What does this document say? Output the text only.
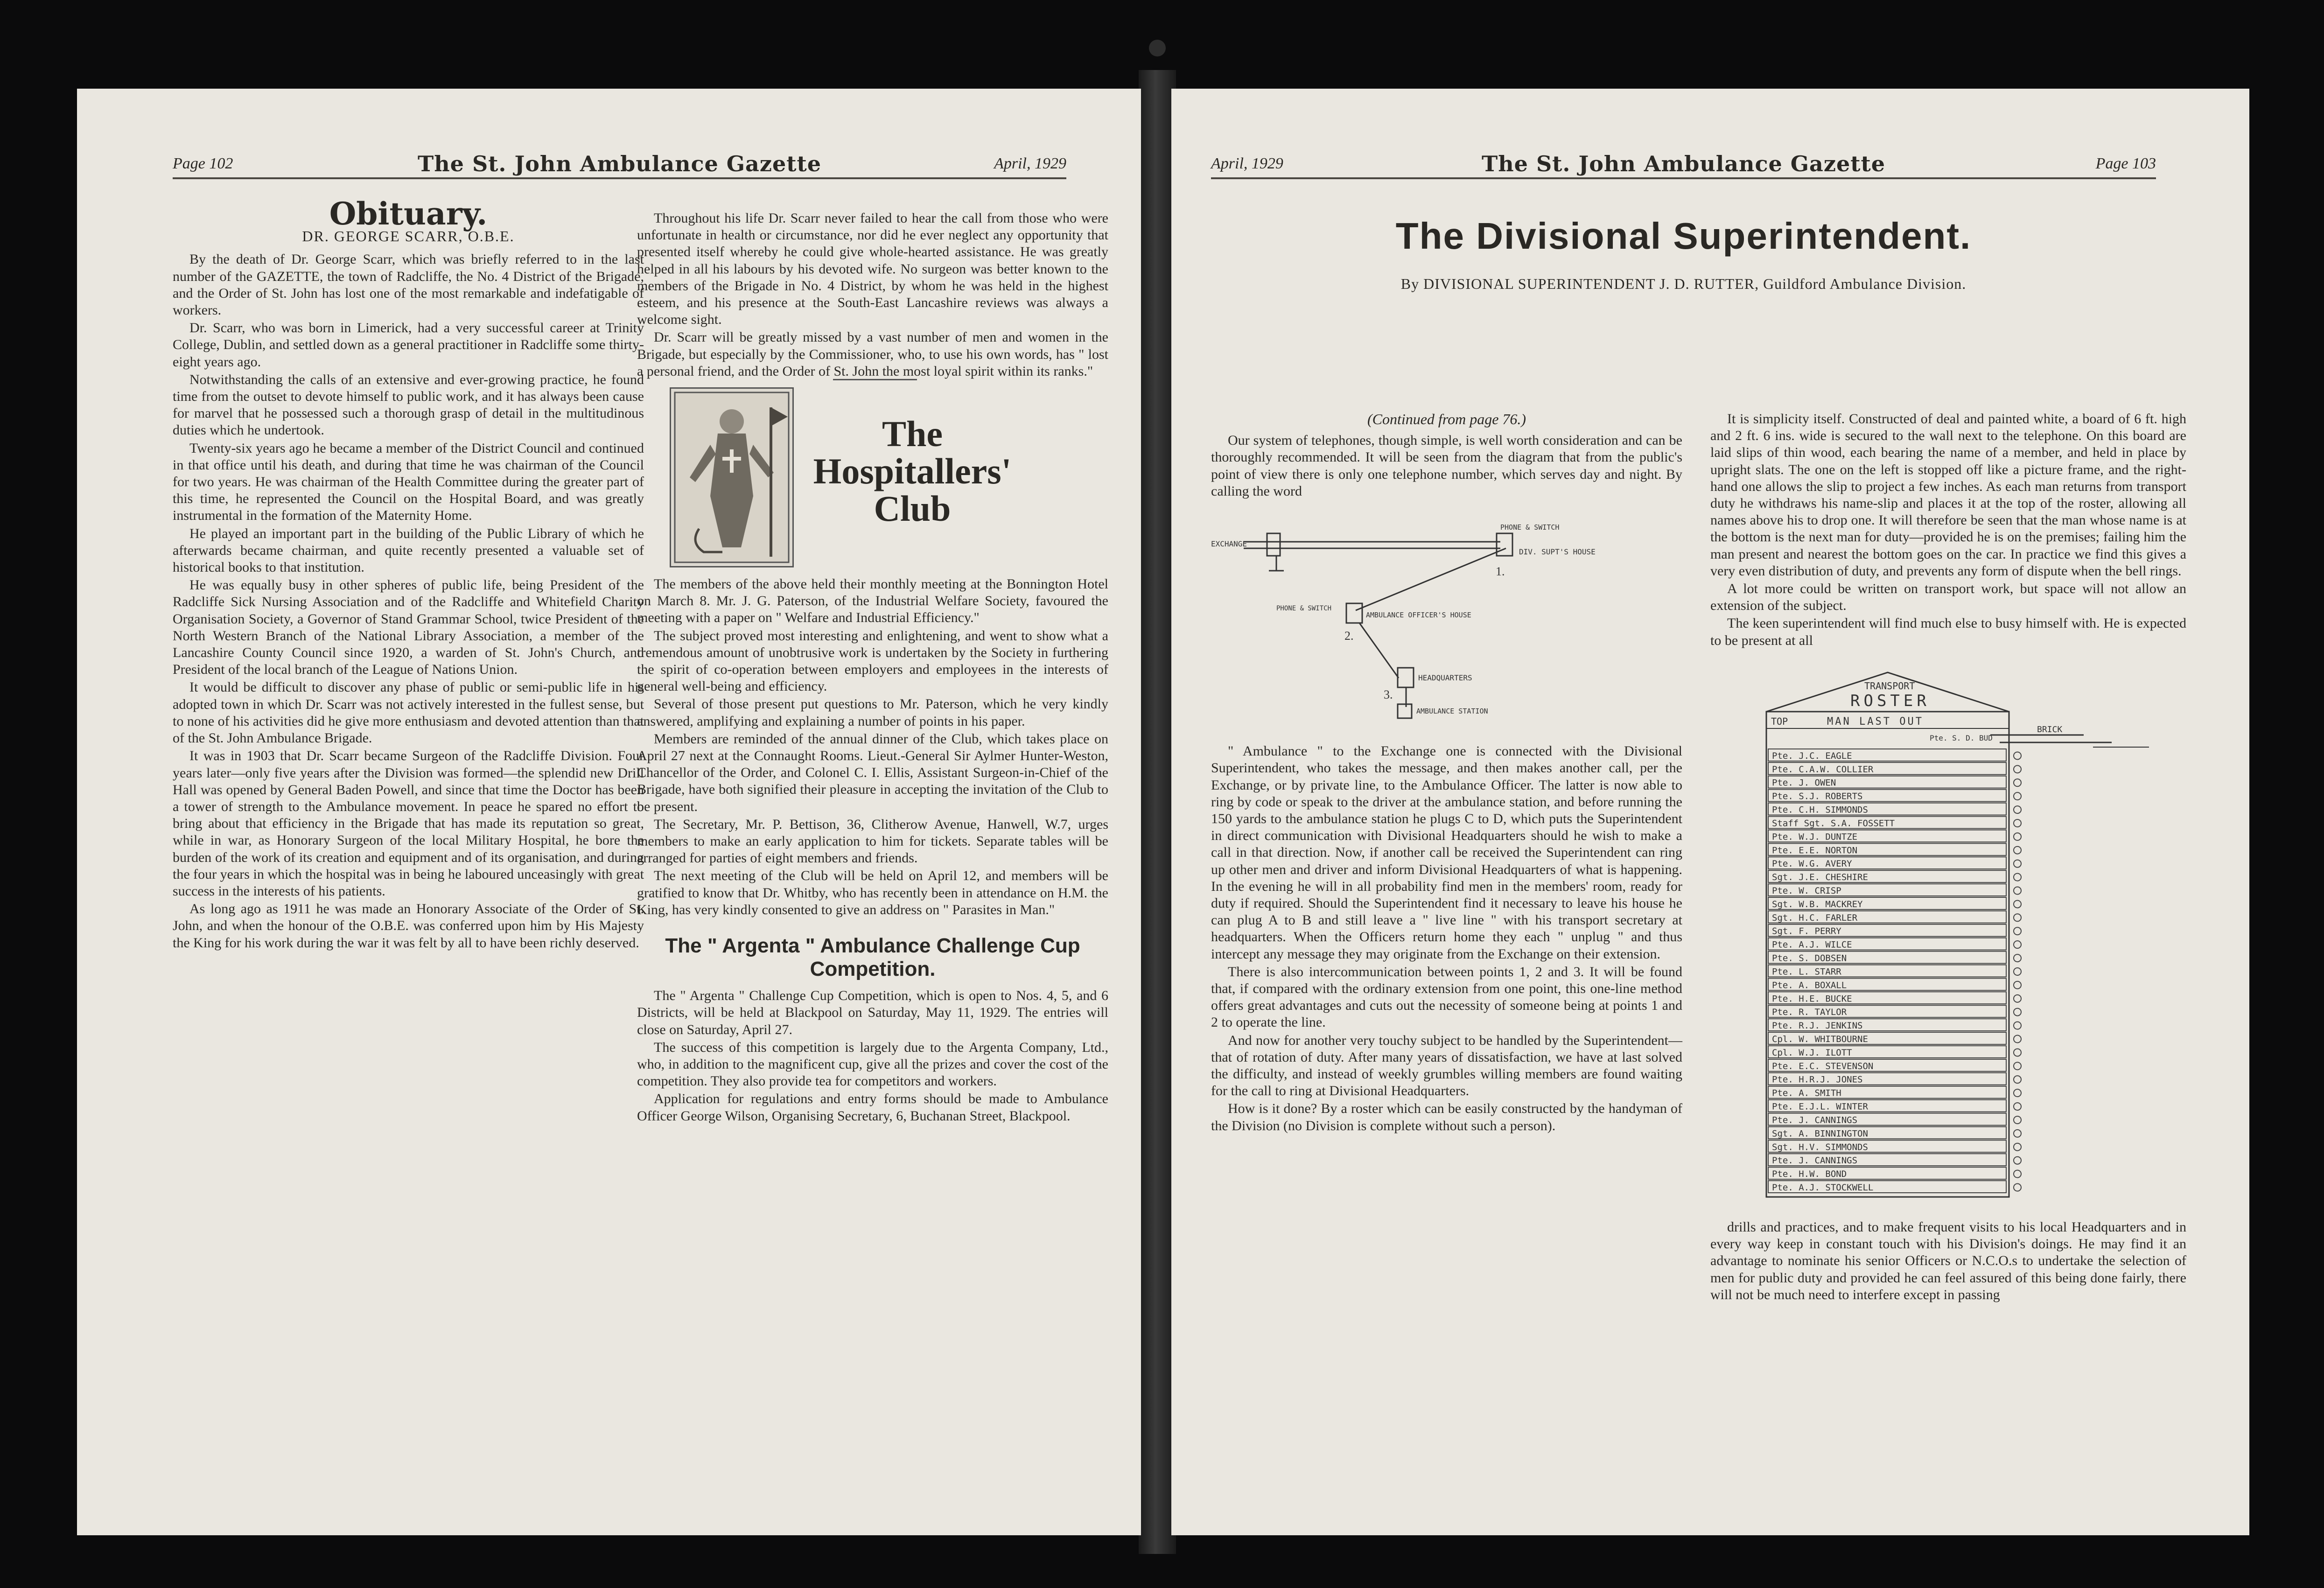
Page 102	The St. John Ambulance Gazette	April, 1929
Obituary.
DR. GEORGE SCARR, O.B.E.

By the death of Dr. George Scarr, which was briefly referred to in the last number of the GAZETTE, the town of Radcliffe, the No. 4 District of the Brigade, and the Order of St. John has lost one of the most remarkable and indefatigable of workers.

Dr. Scarr, who was born in Limerick, had a very successful career at Trinity College, Dublin, and settled down as a general practitioner in Radcliffe some thirty-eight years ago.

Notwithstanding the calls of an extensive and ever-growing practice, he found time from the outset to devote himself to public work, and it has always been cause for marvel that he possessed such a thorough grasp of detail in the multitudinous duties which he undertook.

Twenty-six years ago he became a member of the District Council and continued in that office until his death, and during that time he was chairman of the Council for two years. He was chairman of the Health Committee during the greater part of this time, he represented the Council on the Hospital Board, and was greatly instrumental in the formation of the Maternity Home.

He played an important part in the building of the Public Library of which he afterwards became chairman, and quite recently presented a valuable set of historical books to that institution.

He was equally busy in other spheres of public life, being President of the Radcliffe Sick Nursing Association and of the Radcliffe and Whitefield Charity Organisation Society, a Governor of Stand Grammar School, twice President of the North Western Branch of the National Library Association, a member of the Lancashire County Council since 1920, a warden of St. John's Church, and President of the local branch of the League of Nations Union.

It would be difficult to discover any phase of public or semi-public life in his adopted town in which Dr. Scarr was not actively interested in the fullest sense, but to none of his activities did he give more enthusiasm and devoted attention than that of the St. John Ambulance Brigade.

It was in 1903 that Dr. Scarr became Surgeon of the Radcliffe Division. Four years later—only five years after the Division was formed—the splendid new Drill Hall was opened by General Baden Powell, and since that time the Doctor has been a tower of strength to the Ambulance movement. In peace he spared no effort to bring about that efficiency in the Brigade that has made its reputation so great, while in war, as Honorary Surgeon of the local Military Hospital, he bore the burden of the work of its creation and equipment and of its organisation, and during the four years in which the hospital was in being he laboured unceasingly with great success in the interests of his patients.

As long ago as 1911 he was made an Honorary Associate of the Order of St. John, and when the honour of the O.B.E. was conferred upon him by His Majesty the King for his work during the war it was felt by all to have been richly deserved.

Throughout his life Dr. Scarr never failed to hear the call from those who were unfortunate in health or circumstance, nor did he ever neglect any opportunity that presented itself whereby he could give whole-hearted assistance. He was greatly helped in all his labours by his devoted wife. No surgeon was better known to the members of the Brigade in No. 4 District, by whom he was held in the highest esteem, and his presence at the South-East Lancashire reviews was always a welcome sight.

Dr. Scarr will be greatly missed by a vast number of men and women in the Brigade, but especially by the Commissioner, who, to use his own words, has " lost a personal friend, and the Order of St. John the most loyal spirit within its ranks."

The Hospitallers' Club

The members of the above held their monthly meeting at the Bonnington Hotel on March 8. Mr. J. G. Paterson, of the Industrial Welfare Society, favoured the meeting with a paper on " Welfare and Industrial Efficiency."

The subject proved most interesting and enlightening, and went to show what a tremendous amount of unobtrusive work is undertaken by the Society in furthering the spirit of co-operation between employers and employees in the interests of general well-being and efficiency.

Several of those present put questions to Mr. Paterson, which he very kindly answered, amplifying and explaining a number of points in his paper.

Members are reminded of the annual dinner of the Club, which takes place on April 27 next at the Connaught Rooms. Lieut.-General Sir Aylmer Hunter-Weston, Chancellor of the Order, and Colonel C. I. Ellis, Assistant Surgeon-in-Chief of the Brigade, have both signified their pleasure in accepting the invitation of the Club to be present.

The Secretary, Mr. P. Bettison, 36, Clitherow Avenue, Hanwell, W.7, urges members to make an early application to him for tickets. Separate tables will be arranged for parties of eight members and friends.

The next meeting of the Club will be held on April 12, and members will be gratified to know that Dr. Whitby, who has recently been in attendance on H.M. the King, has very kindly consented to give an address on " Parasites in Man."

The " Argenta " Ambulance Challenge Cup Competition.

The " Argenta " Challenge Cup Competition, which is open to Nos. 4, 5, and 6 Districts, will be held at Blackpool on Saturday, May 11, 1929. The entries will close on Saturday, April 27.

The success of this competition is largely due to the Argenta Company, Ltd., who, in addition to the magnificent cup, give all the prizes and cover the cost of the competition. They also provide tea for competitors and workers.

Application for regulations and entry forms should be made to Ambulance Officer George Wilson, Organising Secretary, 6, Buchanan Street, Blackpool.

April, 1929	The St. John Ambulance Gazette	Page 103
The Divisional Superintendent.
By DIVISIONAL SUPERINTENDENT J. D. RUTTER, Guildford Ambulance Division.
(Continued from page 76.)

Our system of telephones, though simple, is well worth consideration and can be thoroughly recommended. It will be seen from the diagram that from the public's point of view there is only one telephone number, which serves day and night. By calling the word

EXCHANGE
PHONE & SWITCH
DIV. SUPT'S HOUSE
1.
PHONE & SWITCH
AMBULANCE OFFICER'S HOUSE
2.
HEADQUARTERS
3.
AMBULANCE STATION

" Ambulance " to the Exchange one is connected with the Divisional Superintendent, who takes the message, and then makes another call, per the Exchange, or by private line, to the Ambulance Officer. The latter is now able to ring by code or speak to the driver at the ambulance station, and before running the 150 yards to the ambulance station he plugs C to D, which puts the Superintendent in direct communication with Divisional Headquarters should he wish to make a call in that direction. Now, if another call be received the Superintendent can ring up other men and driver and inform Divisional Headquarters of what is happening. In the evening he will in all probability find men in the members' room, ready for duty if required. Should the Superintendent find it necessary to leave his house he can plug A to B and still leave a " live line " with his transport secretary at headquarters. When the Officers return home they each " unplug " and thus intercept any message they may originate from the Exchange on their extension.

There is also intercommunication between points 1, 2 and 3. It will be found that, if compared with the ordinary extension from one point, this one-line method offers great advantages and cuts out the necessity of someone being at points 1 and 2 to operate the line.

And now for another very touchy subject to be handled by the Superintendent—that of rotation of duty. After many years of dissatisfaction, we have at last solved the difficulty, and instead of weekly grumbles willing members are found waiting for the call to ring at Divisional Headquarters.

How is it done? By a roster which can be easily constructed by the handyman of the Division (no Division is complete without such a person).

It is simplicity itself. Constructed of deal and painted white, a board of 6 ft. high and 2 ft. 6 ins. wide is secured to the wall next to the telephone. On this board are laid slips of thin wood, each bearing the name of a member, and held in place by upright slats. The one on the left is stopped off like a picture frame, and the right-hand one allows the slip to project a few inches. As each man returns from transport duty he withdraws his name-slip and places it at the top of the roster, allowing all names above his to drop one. It will therefore be seen that the man whose name is at the bottom is the next man for duty—provided he is on the premises; failing him the man present and nearest the bottom goes on the car. In practice we find this gives a very even distribution of duty, and prevents any form of dispute when the bell rings.

A lot more could be written on transport work, but space will not allow an extension of the subject.

The keen superintendent will find much else to busy himself with. He is expected to be present at all

TRANSPORT
ROSTER
TOP	MAN LAST OUT
BRICK
Pte. S. D. BUD
Pte. J.C. EAGLE
Pte. C.A.W. COLLIER
Pte. J. OWEN
Pte. S.J. ROBERTS
Pte. C.H. SIMMONDS
Staff Sgt. S.A. FOSSETT
Pte. W.J. DUNTZE
Pte. E.E. NORTON
Pte. W.G. AVERY
Sgt. J.E. CHESHIRE
Pte. W. CRISP
Sgt. W.B. MACKREY
Sgt. H.C. FARLER
Sgt. F. PERRY
Pte. A.J. WILCE
Pte. S. DOBSEN
Pte. L. STARR
Pte. A. BOXALL
Pte. H.E. BUCKE
Pte. R. TAYLOR
Pte. R.J. JENKINS
Cpl. W. WHITBOURNE
Cpl. W.J. ILOTT
Pte. E.C. STEVENSON
Pte. H.R.J. JONES
Pte. A. SMITH
Pte. E.J.L. WINTER
Pte. J. CANNINGS
Sgt. A. BINNINGTON
Sgt. H.V. SIMMONDS
Pte. J. CANNINGS
Pte. H.W. BOND
Pte. A.J. STOCKWELL

drills and practices, and to make frequent visits to his local Headquarters and in every way keep in constant touch with his Division's doings. He may find it an advantage to nominate his senior Officers or N.C.O.s to undertake the selection of men for public duty and provided he can feel assured of this being done fairly, there will not be much need to interfere except in passing
